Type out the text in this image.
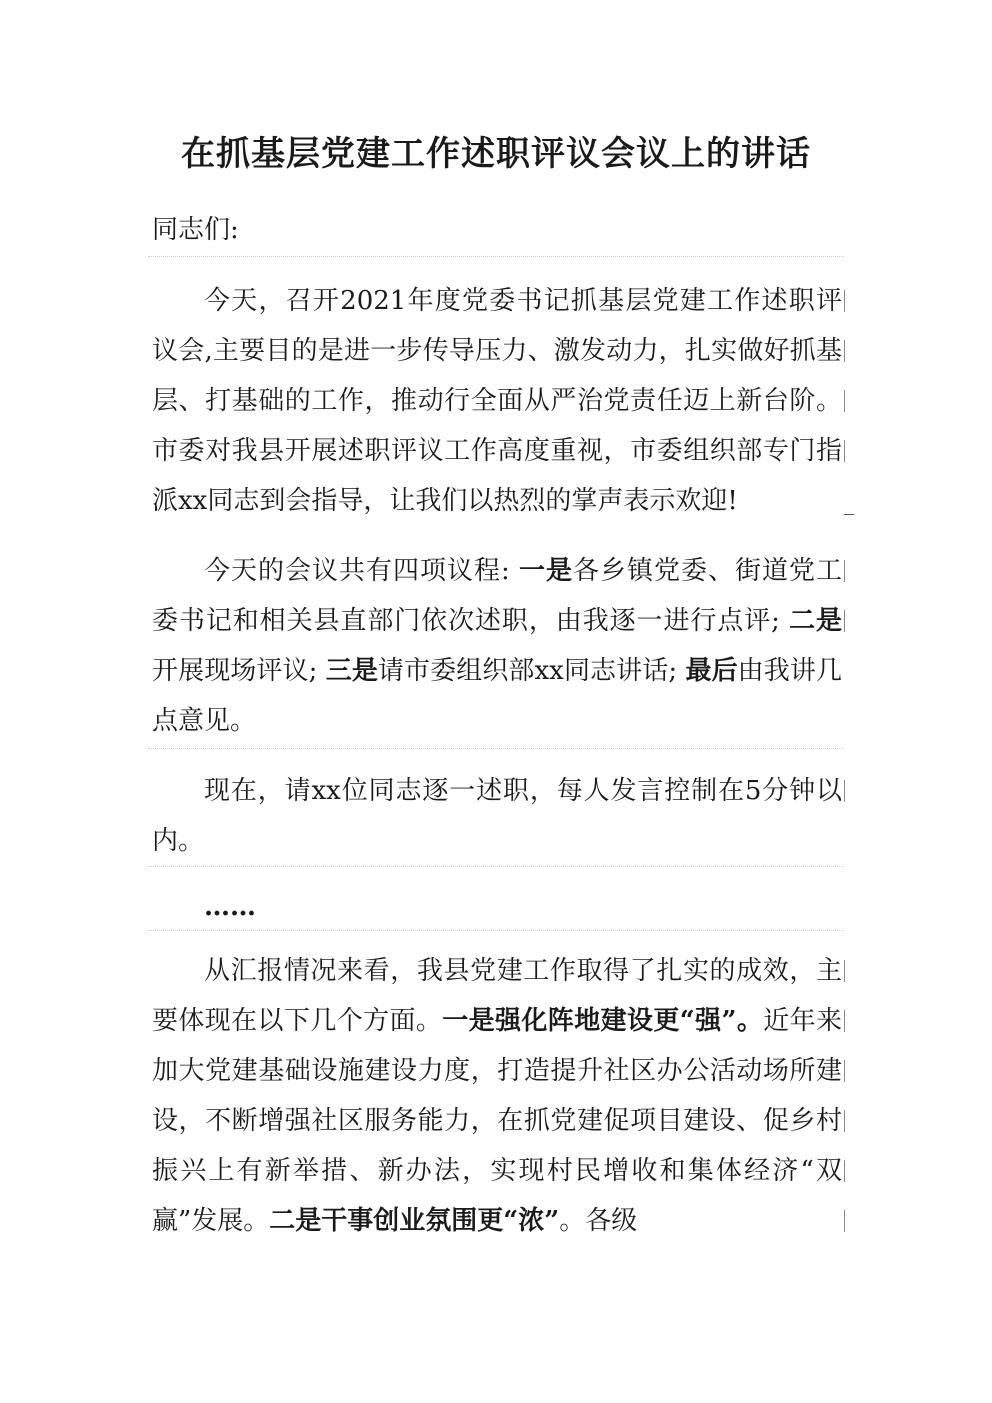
在抓基层党建工作述职评议会议上的讲话
同志们:

今天，召开2021年度党委书记抓基层党建工作述职评议会,主要目的是进一步传导压力、激发动力，扎实做好抓基层、打基础的工作，推动行全面从严治党责任迈上新台阶。市委对我县开展述职评议工作高度重视，市委组织部专门指派xx同志到会指导，让我们以热烈的掌声表示欢迎!

今天的会议共有四项议程: 一是各乡镇党委、街道党工委书记和相关县直部门依次述职，由我逐一进行点评; 二是开展现场评议; 三是请市委组织部xx同志讲话; 最后由我讲几点意见。

现在，请xx位同志逐一述职，每人发言控制在5分钟以内。

……

从汇报情况来看，我县党建工作取得了扎实的成效，主要体现在以下几个方面。一是强化阵地建设更“强”。近年来加大党建基础设施建设力度，打造提升社区办公活动场所建设，不断增强社区服务能力，在抓党建促项目建设、促乡村振兴上有新举措、新办法，实现村民增收和集体经济“双赢”发展。二是干事创业氛围更“浓”。各级
